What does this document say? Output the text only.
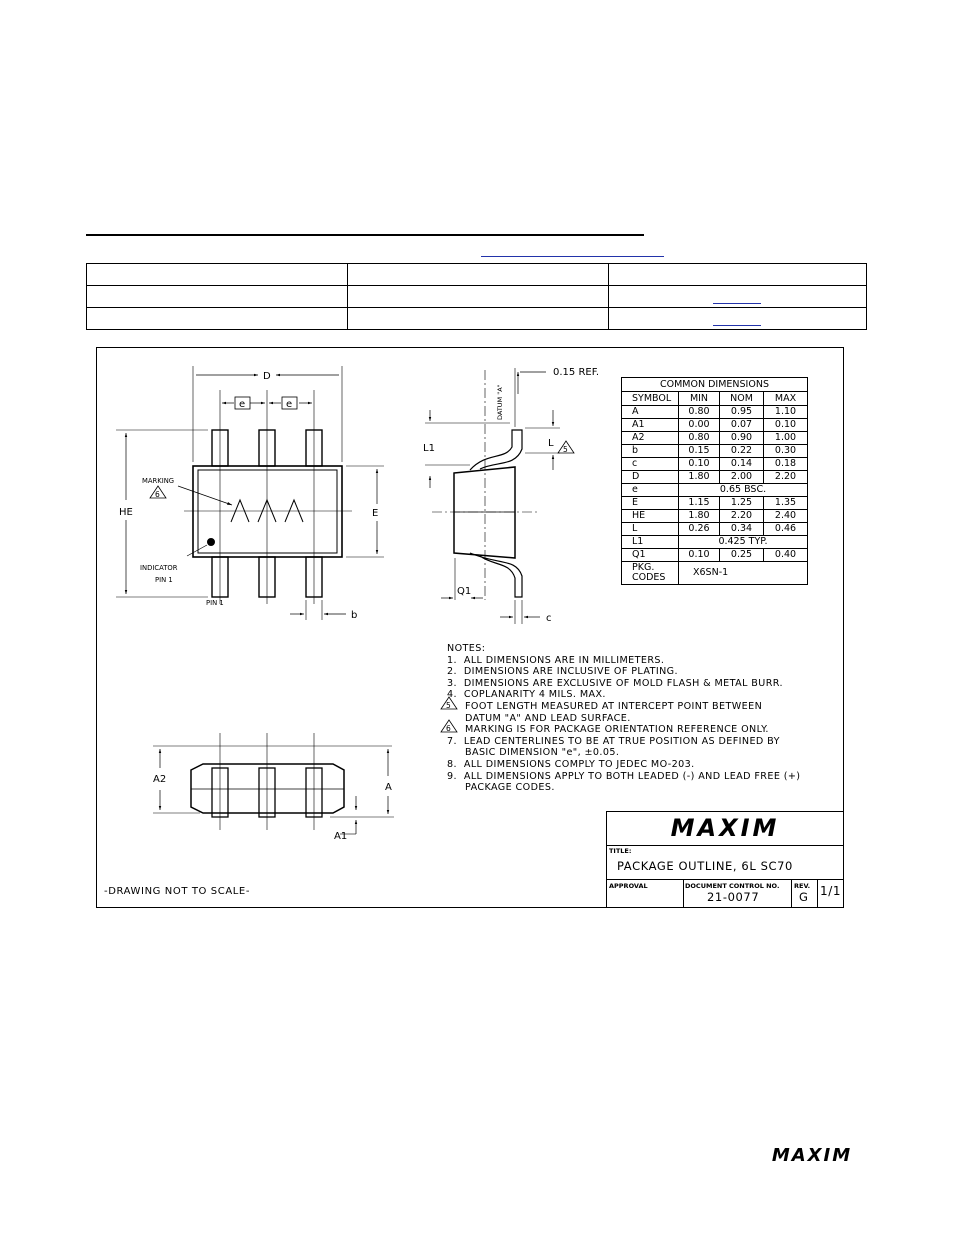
D
e	e
HE	E
b
MARKING
PIN 1
INDICATOR
PIN 1
0.15 REF.
DATUM "A"
L1	L
Q1
c
A2
A
A1
6
5
5
6
MAXIM
MAXIM
COMMON DIMENSIONS			
SYMBOL	MIN	NOM	MAX
A	0.80	0.95	1.10
A1	0.00	0.07	0.10
A2	0.80	0.90	1.00
b	0.15	0.22	0.30
c	0.10	0.14	0.18
D	1.80	2.00	2.20
e	0.65 BSC.		
E	1.15	1.25	1.35
HE	1.80	2.20	2.40
L	0.26	0.34	0.46
L1	0.425 TYP.		
Q1	0.10	0.25	0.40

PKG.
CODES	X6SN-1		
NOTES:
1.  ALL DIMENSIONS ARE IN MILLIMETERS.
2.  DIMENSIONS ARE INCLUSIVE OF PLATING.
3.  DIMENSIONS ARE EXCLUSIVE OF MOLD FLASH & METAL BURR.
4.  COPLANARITY 4 MILS. MAX.
FOOT LENGTH MEASURED AT INTERCEPT POINT BETWEEN
DATUM "A" AND LEAD SURFACE.
MARKING IS FOR PACKAGE ORIENTATION REFERENCE ONLY.
7.  LEAD CENTERLINES TO BE AT TRUE POSITION AS DEFINED BY
BASIC DIMENSION "e", ±0.05.
8.  ALL DIMENSIONS COMPLY TO JEDEC MO-203.
9.  ALL DIMENSIONS APPLY TO BOTH LEADED (-) AND LEAD FREE (+)
PACKAGE CODES.
TITLE:
PACKAGE OUTLINE, 6L SC70
APPROVAL	DOCUMENT CONTROL NO.
21-0077
REV.
G 1/1
-DRAWING NOT TO SCALE-
